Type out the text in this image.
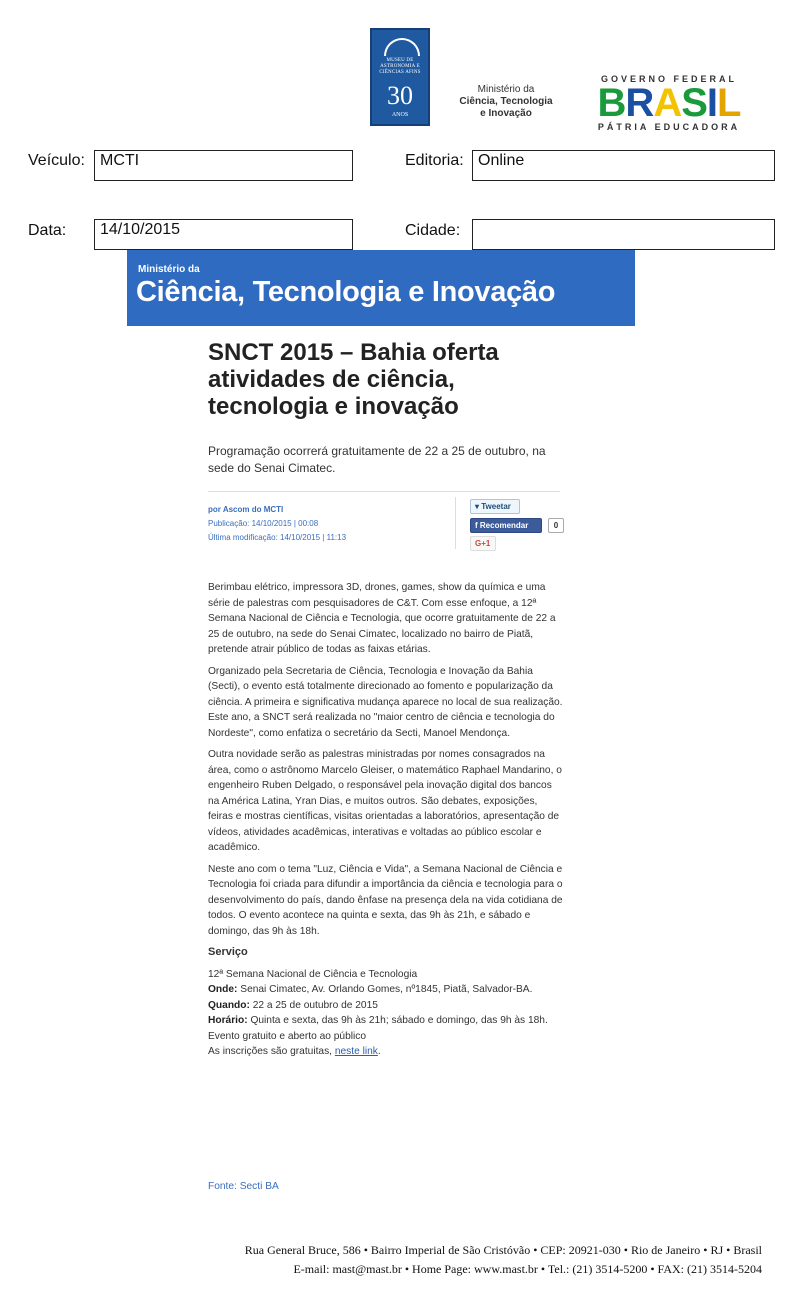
MUSEU DE ASTRONOMIA E CIÊNCIAS AFINS
30
ANOS
Ministério da
Ciência, Tecnologia
e Inovação
GOVERNO FEDERAL
BRASIL
PÁTRIA EDUCADORA
Veículo: MCTI	Editoria: Online
Data:	14/10/2015	Cidade:
Ministério da
Ciência, Tecnologia e Inovação
SNCT 2015 – Bahia oferta atividades de ciência, tecnologia e inovação

Programação ocorrerá gratuitamente de 22 a 25 de outubro, na sede do Senai Cimatec.

por Ascom do MCTI
Publicação: 14/10/2015 | 00:08
Última modificação: 14/10/2015 | 11:13
▾ Tweetar
f Recomendar	0
G+1

Berimbau elétrico, impressora 3D, drones, games, show da química e uma série de palestras com pesquisadores de C&T. Com esse enfoque, a 12ª Semana Nacional de Ciência e Tecnologia, que ocorre gratuitamente de 22 a 25 de outubro, na sede do Senai Cimatec, localizado no bairro de Piatã, pretende atrair público de todas as faixas etárias.

Organizado pela Secretaria de Ciência, Tecnologia e Inovação da Bahia (Secti), o evento está totalmente direcionado ao fomento e popularização da ciência. A primeira e significativa mudança aparece no local de sua realização. Este ano, a SNCT será realizada no "maior centro de ciência e tecnologia do Nordeste", como enfatiza o secretário da Secti, Manoel Mendonça.

Outra novidade serão as palestras ministradas por nomes consagrados na área, como o astrônomo Marcelo Gleiser, o matemático Raphael Mandarino, o engenheiro Ruben Delgado, o responsável pela inovação digital dos bancos na América Latina, Yran Dias, e muitos outros. São debates, exposições, feiras e mostras científicas, visitas orientadas a laboratórios, apresentação de vídeos, atividades acadêmicas, interativas e voltadas ao público escolar e acadêmico.

Neste ano com o tema "Luz, Ciência e Vida", a Semana Nacional de Ciência e Tecnologia foi criada para difundir a importância da ciência e tecnologia para o desenvolvimento do país, dando ênfase na presença dela na vida cotidiana de todos. O evento acontece na quinta e sexta, das 9h às 21h, e sábado e domingo, das 9h às 18h.

Serviço

12ª Semana Nacional de Ciência e Tecnologia

Onde: Senai Cimatec, Av. Orlando Gomes, nº1845, Piatã, Salvador-BA.

Quando: 22 a 25 de outubro de 2015

Horário: Quinta e sexta, das 9h às 21h; sábado e domingo, das 9h às 18h.

Evento gratuito e aberto ao público

As inscrições são gratuitas, neste link.

Fonte: Secti BA
Rua General Bruce, 586 • Bairro Imperial de São Cristóvão • CEP: 20921-030 • Rio de Janeiro • RJ • Brasil
E-mail: mast@mast.br • Home Page: www.mast.br • Tel.: (21) 3514-5200 • FAX: (21) 3514-5204
